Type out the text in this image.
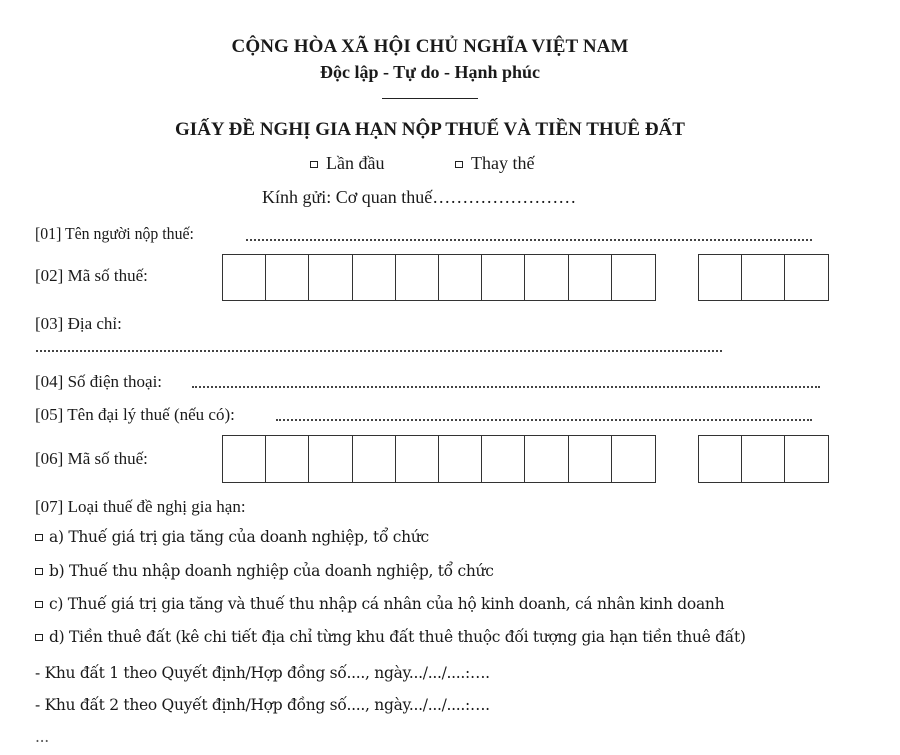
CỘNG HÒA XÃ HỘI CHỦ NGHĨA VIỆT NAM
Độc lập - Tự do - Hạnh phúc
GIẤY ĐỀ NGHỊ GIA HẠN NỘP THUẾ VÀ TIỀN THUÊ ĐẤT
Lần đầu	Thay thế
Kính gửi: Cơ quan thuế……………………
[01] Tên người nộp thuế:
[02] Mã số thuế:
[03] Địa chỉ:
[04] Số điện thoại:
[05] Tên đại lý thuế (nếu có):
[06] Mã số thuế:
[07] Loại thuế đề nghị gia hạn:
a) Thuế giá trị gia tăng của doanh nghiệp, tổ chức
b) Thuế thu nhập doanh nghiệp của doanh nghiệp, tổ chức
c) Thuế giá trị gia tăng và thuế thu nhập cá nhân của hộ kinh doanh, cá nhân kinh doanh
d) Tiền thuê đất (kê chi tiết địa chỉ từng khu đất thuê thuộc đối tượng gia hạn tiền thuê đất)
- Khu đất 1 theo Quyết định/Hợp đồng số...., ngày.../.../....:….
- Khu đất 2 theo Quyết định/Hợp đồng số...., ngày.../.../....:….
...
